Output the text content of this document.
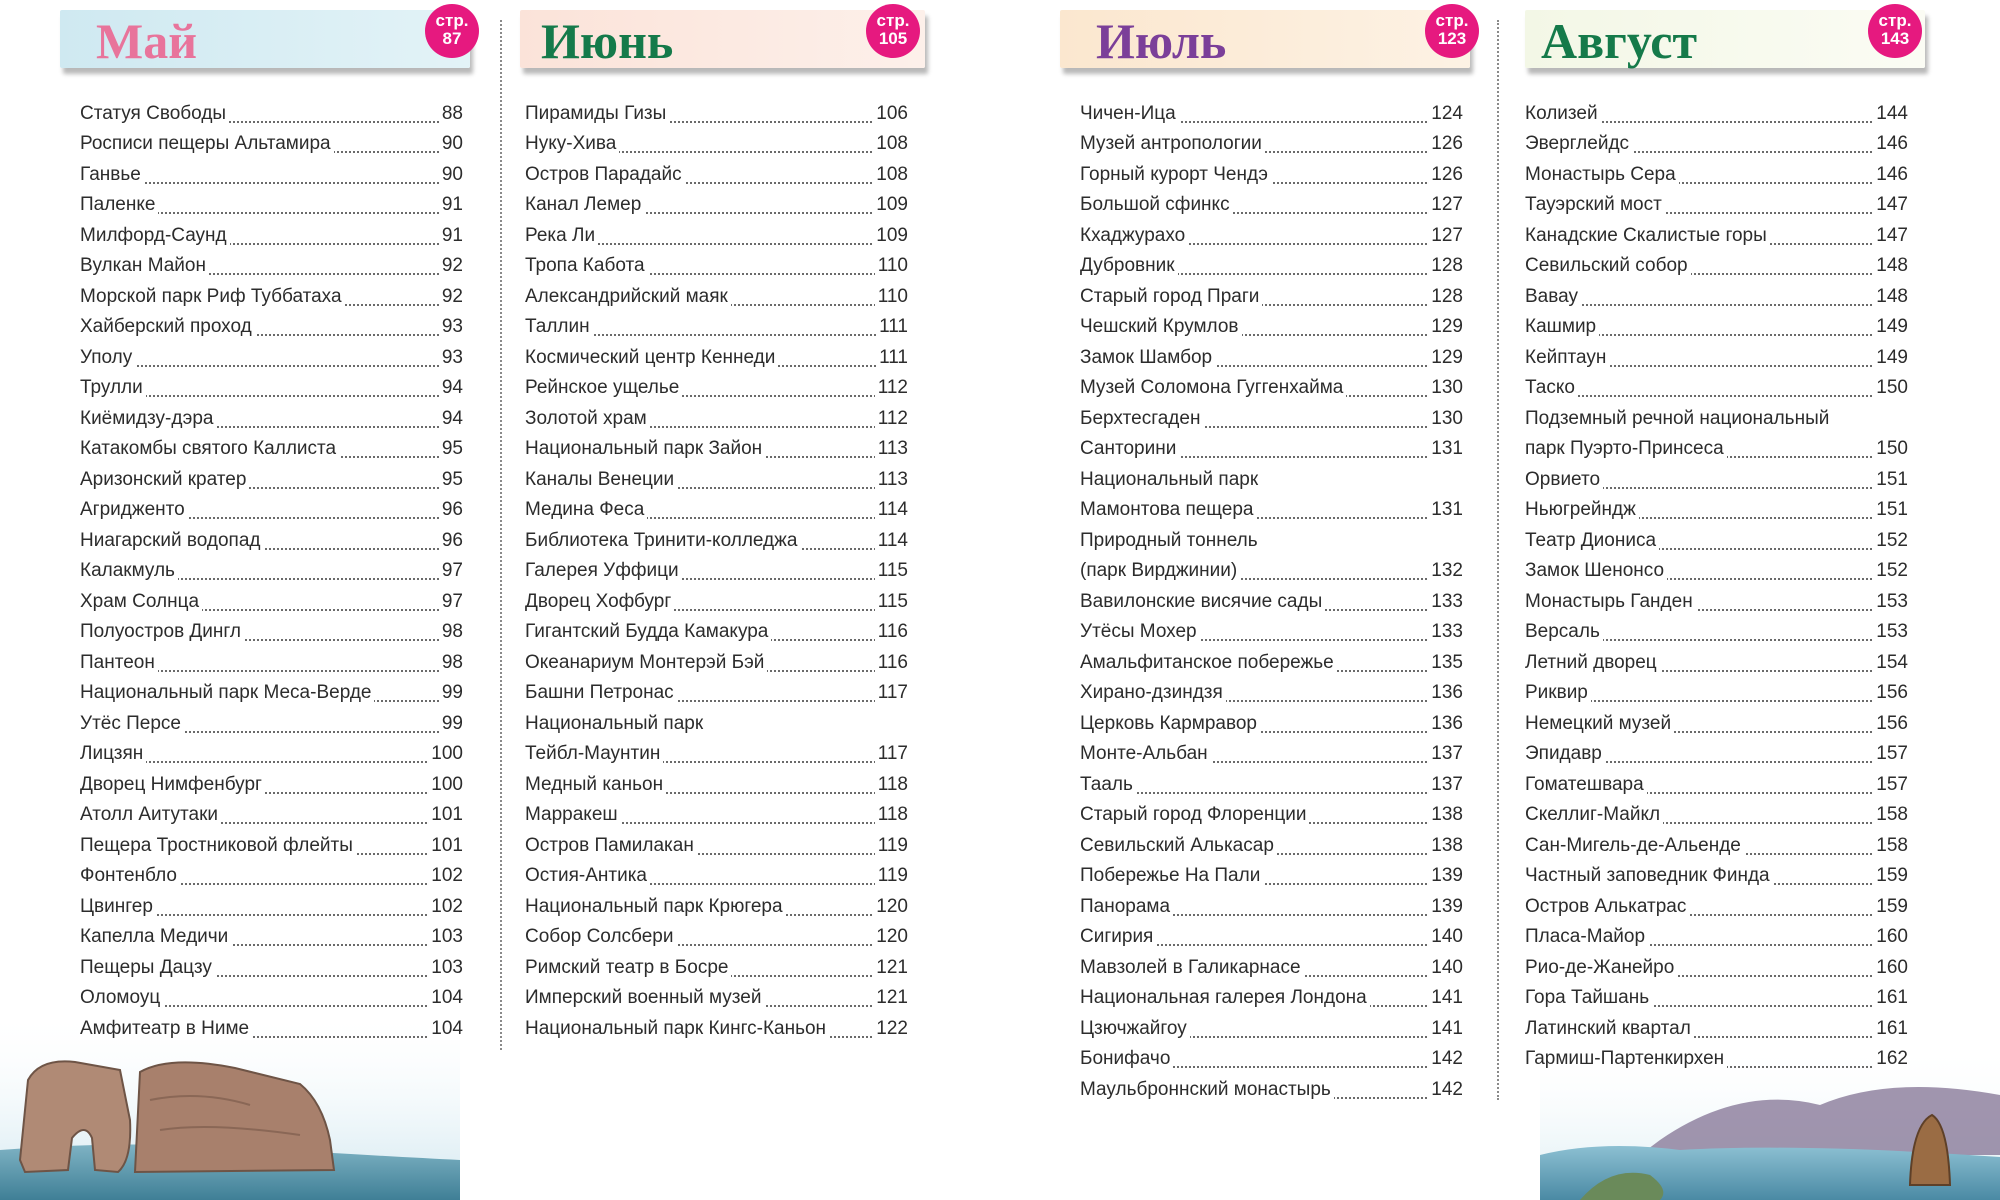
Май	стр.
87
Статуя Свободы	88
Росписи пещеры Альтамира	90
Ганвье	90
Паленке	91
Милфорд-Саунд	91
Вулкан Майон	92
Морской парк Риф Туббатаха	92
Хайберский проход	93
Уполу	93
Трулли	94
Киёмидзу-дэра	94
Катакомбы святого Каллиста	95
Аризонский кратер	95
Агридженто	96
Ниагарский водопад	96
Калакмуль	97
Храм Солнца	97
Полуостров Дингл	98
Пантеон	98
Национальный парк Меса-Верде	99
Утёс Персе	99
Лицзян	100
Дворец Нимфенбург	100
Атолл Аитутаки	101
Пещера Тростниковой флейты	101
Фонтенбло	102
Цвингер	102
Капелла Медичи	103
Пещеры Дацзу	103
Оломоуц	104
Амфитеатр в Ниме	104
Июнь	стр.
105
Пирамиды Гизы	106
Нуку-Хива	108
Остров Парадайс	108
Канал Лемер	109
Река Ли	109
Тропа Кабота	110
Александрийский маяк	110
Таллин	111
Космический центр Кеннеди	111
Рейнское ущелье	112
Золотой храм	112
Национальный парк Зайон	113
Каналы Венеции	113
Медина Феса	114
Библиотека Тринити-колледжа	114
Галерея Уффици	115
Дворец Хофбург	115
Гигантский Будда Камакура	116
Океанариум Монтерэй Бэй	116
Башни Петронас	117
Национальный парк
Тейбл-Маунтин	117
Медный каньон	118
Марракеш	118
Остров Памилакан	119
Остия-Антика	119
Национальный парк Крюгера	120
Собор Солсбери	120
Римский театр в Босре	121
Имперский военный музей	121
Национальный парк Кингс-Каньон	122
Июль	стр.
123
Чичен-Ица	124
Музей антропологии	126
Горный курорт Чендэ	126
Большой сфинкс	127
Кхаджурахо	127
Дубровник	128
Старый город Праги	128
Чешский Крумлов	129
Замок Шамбор	129
Музей Соломона Гуггенхайма	130
Берхтесгаден	130
Санторини	131
Национальный парк
Мамонтова пещера	131
Природный тоннель
(парк Вирджинии)	132
Вавилонские висячие сады	133
Утёсы Мохер	133
Амальфитанское побережье	135
Хирано-дзиндзя	136
Церковь Кармравор	136
Монте-Альбан	137
Тааль	137
Старый город Флоренции	138
Севильский Алькасар	138
Побережье На Пали	139
Панорама	139
Сигирия	140
Мавзолей в Галикарнасе	140
Национальная галерея Лондона	141
Цзючжайгоу	141
Бонифачо	142
Маульброннский монастырь	142
Август	стр.
143
Колизей	144
Эверглейдс	146
Монастырь Сера	146
Тауэрский мост	147
Канадские Скалистые горы	147
Севильский собор	148
Вавау	148
Кашмир	149
Кейптаун	149
Таско	150
Подземный речной национальный
парк Пуэрто-Принсеса	150
Орвието	151
Ньюгрейндж	151
Театр Диониса	152
Замок Шенонсо	152
Монастырь Ганден	153
Версаль	153
Летний дворец	154
Риквир	156
Немецкий музей	156
Эпидавр	157
Гоматешвара	157
Скеллиг-Майкл	158
Сан-Мигель-де-Альенде	158
Частный заповедник Финда	159
Остров Алькатрас	159
Пласа-Майор	160
Рио-де-Жанейро	160
Гора Тайшань	161
Латинский квартал	161
Гармиш-Партенкирхен	162
